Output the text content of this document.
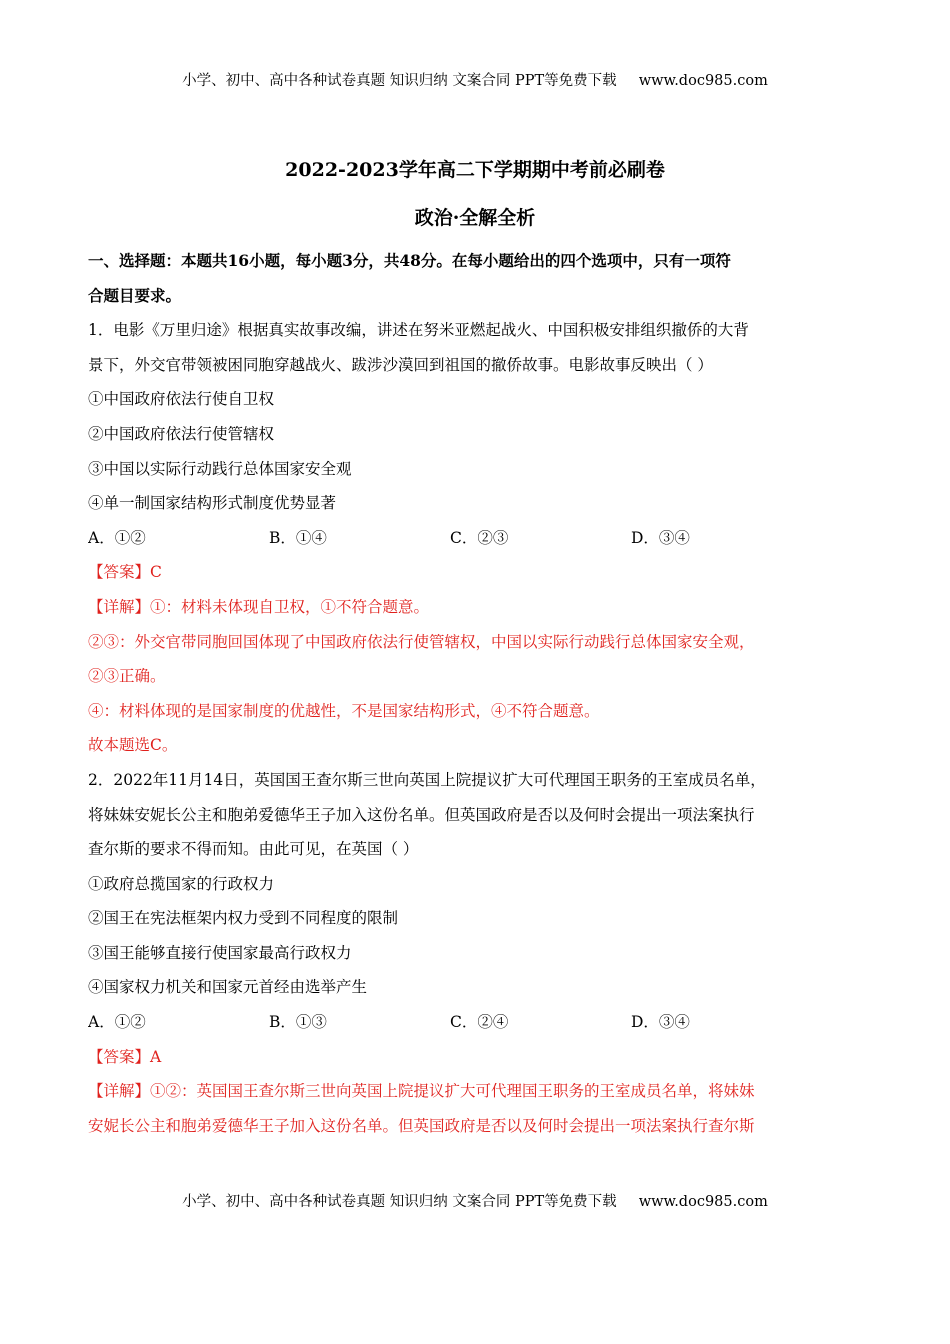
小学、初中、高中各种试卷真题 知识归纳 文案合同 PPT等免费下载 www.doc985.com
2022-2023学年高二下学期期中考前必刷卷
政治·全解全析
一、选择题：本题共16小题，每小题3分，共48分。在每小题给出的四个选项中，只有一项符
合题目要求。
1．电影《万里归途》根据真实故事改编，讲述在努米亚燃起战火、中国积极安排组织撤侨的大背
景下，外交官带领被困同胞穿越战火、跋涉沙漠回到祖国的撤侨故事。电影故事反映出（ ）
①中国政府依法行使自卫权
②中国政府依法行使管辖权
③中国以实际行动践行总体国家安全观
④单一制国家结构形式制度优势显著
A．①②	B．①④	C．②③	D．③④
【答案】C
【详解】①：材料未体现自卫权，①不符合题意。
②③：外交官带同胞回国体现了中国政府依法行使管辖权，中国以实际行动践行总体国家安全观，
②③正确。
④：材料体现的是国家制度的优越性，不是国家结构形式，④不符合题意。
故本题选C。
2．2022年11月14日，英国国王查尔斯三世向英国上院提议扩大可代理国王职务的王室成员名单，
将妹妹安妮长公主和胞弟爱德华王子加入这份名单。但英国政府是否以及何时会提出一项法案执行
查尔斯的要求不得而知。由此可见，在英国（ ）
①政府总揽国家的行政权力
②国王在宪法框架内权力受到不同程度的限制
③国王能够直接行使国家最高行政权力
④国家权力机关和国家元首经由选举产生
A．①②	B．①③	C．②④	D．③④
【答案】A
【详解】①②：英国国王查尔斯三世向英国上院提议扩大可代理国王职务的王室成员名单，将妹妹
安妮长公主和胞弟爱德华王子加入这份名单。但英国政府是否以及何时会提出一项法案执行查尔斯
小学、初中、高中各种试卷真题 知识归纳 文案合同 PPT等免费下载 www.doc985.com
